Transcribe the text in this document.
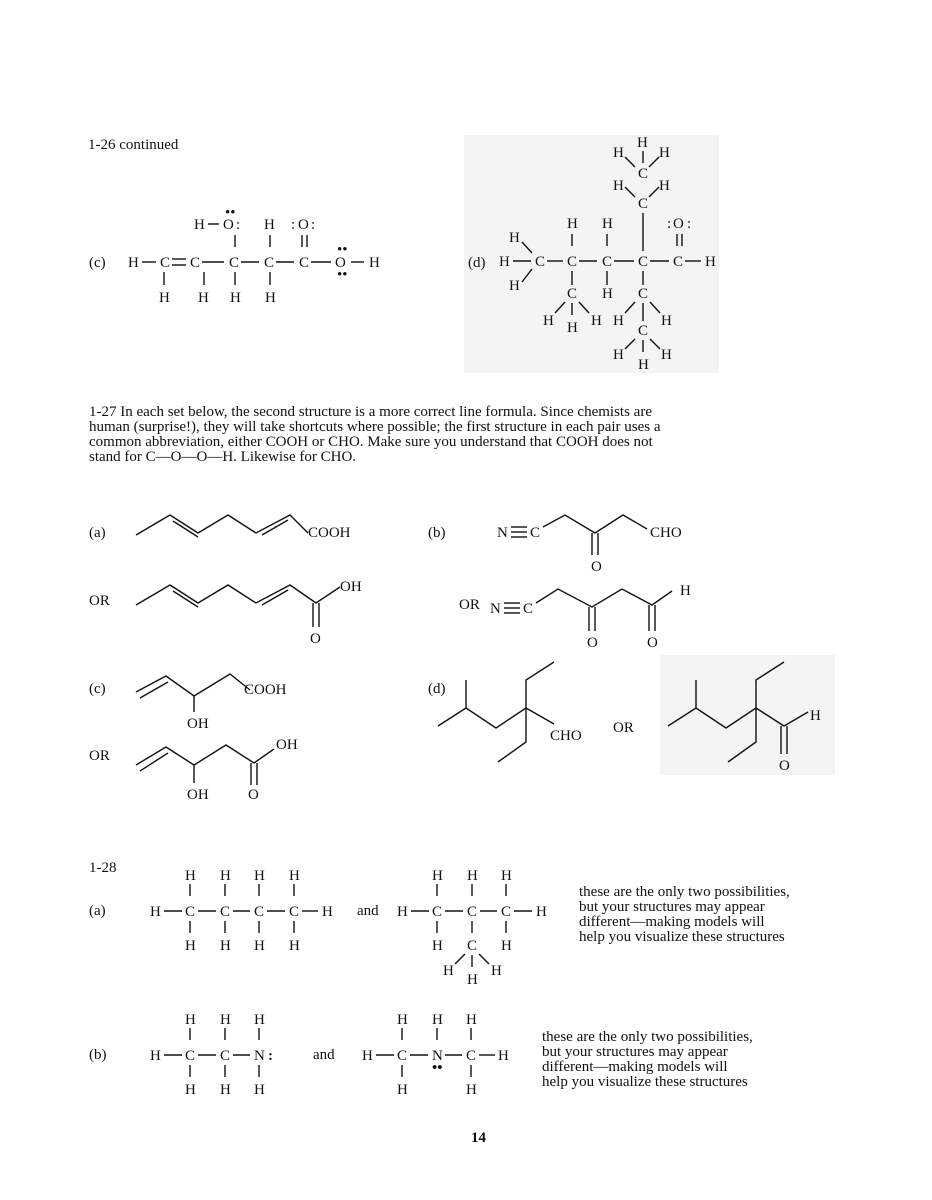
1-26 continued
(c)
H O
••
: H : O :
H C C C C C O
••
••
H
H H H H
(d)
H
H H
C
H H
C
H H	: O :
H
H
H C C C C C H
C H C
H H H H H
C
H
H
H
1-27 In each set below, the second structure is a more correct line formula. Since chemists are
human (surprise!), they will take shortcuts where possible; the first structure in each pair uses a
common abbreviation, either COOH or CHO. Make sure you understand that COOH does not
stand for C—O—O—H. Likewise for CHO.
(a)	COOH
OR
OH
O
(b)	N C
O
CHO
OR N C
O	O
H
(c)
OH
COOH
OR
OH
OH	O
(d)
CHO OR
O
H
1-28
(a)
H H H H
H C C C C H
H H H H
and
H H H
H C C C H
H C H
H
H
H
these are the only two possibilities,
but your structures may appear
different—making models will
help you visualize these structures
(b)
H H H
H C C N :
H H H
and
H H H
H C N
••
C H
H	H
these are the only two possibilities,
but your structures may appear
different—making models will
help you visualize these structures
14
